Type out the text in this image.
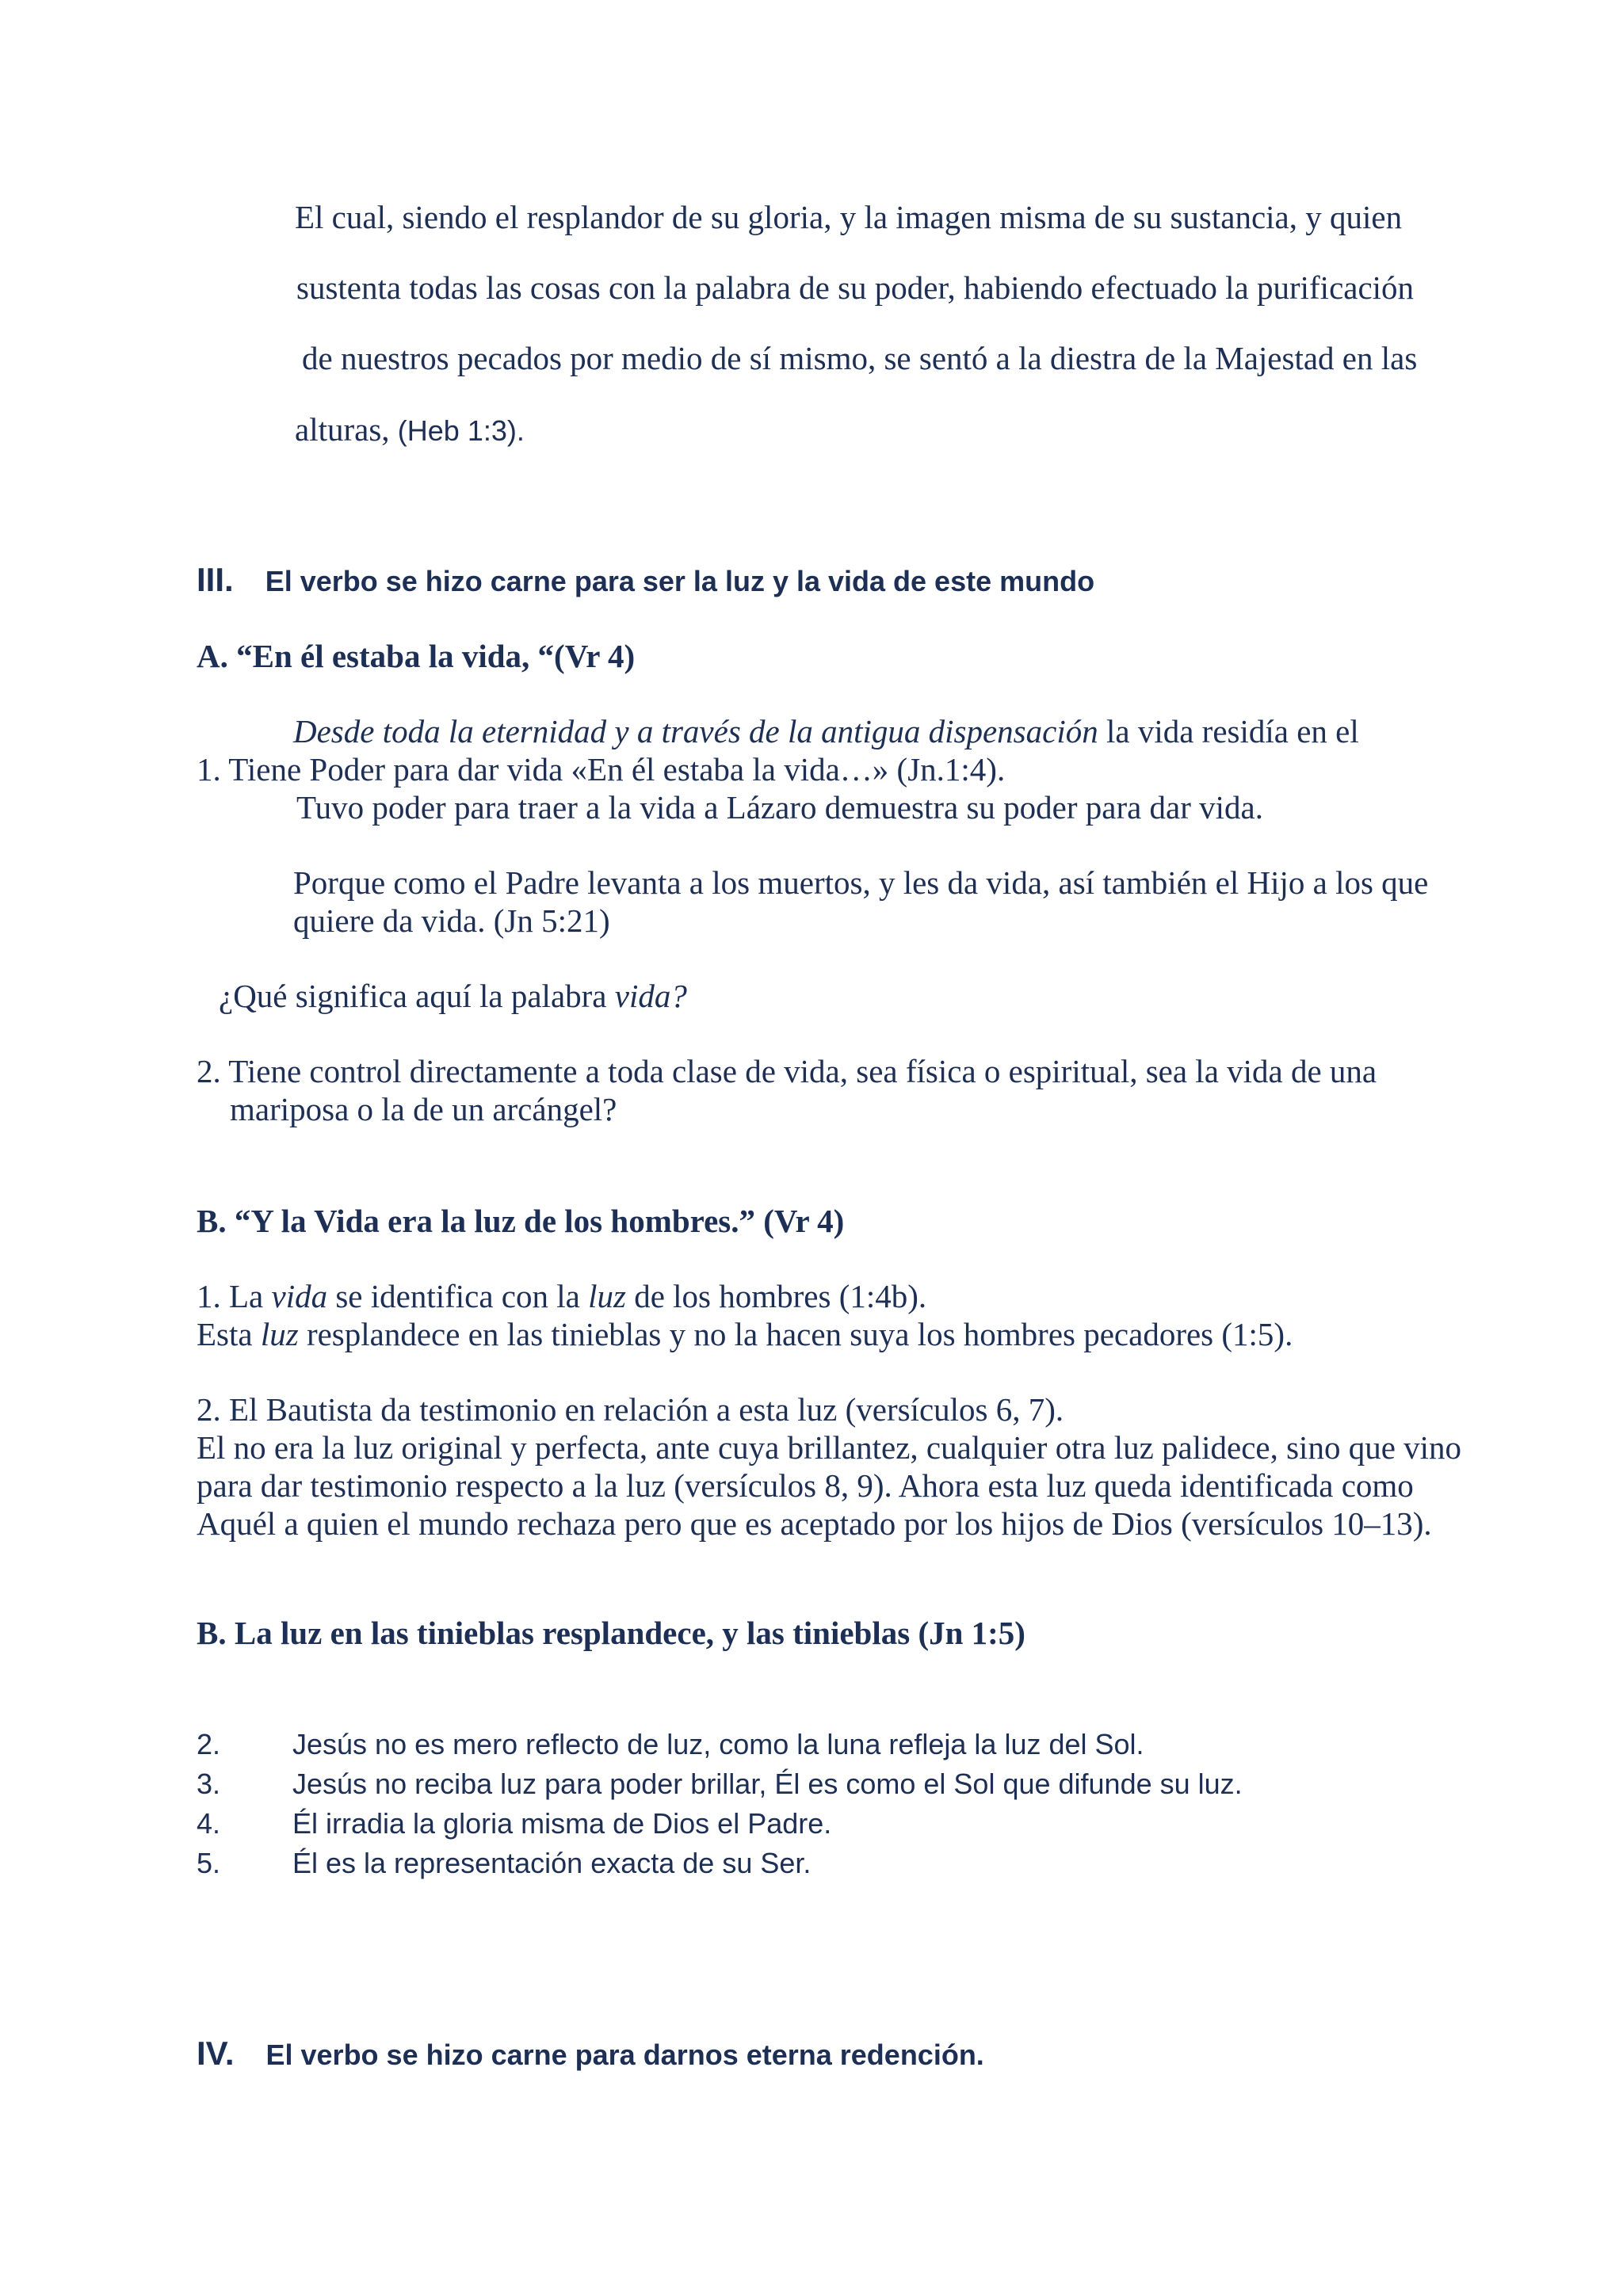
El cual, siendo el resplandor de su gloria, y la imagen misma de su sustancia, y quien

sustenta todas las cosas con la palabra de su poder, habiendo efectuado la purificación

de nuestros pecados por medio de sí mismo, se sentó a la diestra de la Majestad en las

alturas, (Heb 1:3).

III. El verbo se hizo carne para ser la luz y la vida de este mundo

A. “En él estaba la vida, “(Vr 4)

Desde toda la eternidad y a través de la antigua dispensación la vida residía en el

1. Tiene Poder para dar vida «En él estaba la vida…» (Jn.1:4).

Tuvo poder para traer a la vida a Lázaro demuestra su poder para dar vida.

Porque como el Padre levanta a los muertos, y les da vida, así también el Hijo a los que

quiere da vida. (Jn 5:21)

¿Qué significa aquí la palabra vida?

2. Tiene control directamente a toda clase de vida, sea física o espiritual, sea la vida de una

mariposa o la de un arcángel?

B. “Y la Vida era la luz de los hombres.” (Vr 4)

1. La vida se identifica con la luz de los hombres (1:4b).

Esta luz resplandece en las tinieblas y no la hacen suya los hombres pecadores (1:5).

2. El Bautista da testimonio en relación a esta luz (versículos 6, 7).

El no era la luz original y perfecta, ante cuya brillantez, cualquier otra luz palidece, sino que vino

para dar testimonio respecto a la luz (versículos 8, 9). Ahora esta luz queda identificada como

Aquél a quien el mundo rechaza pero que es aceptado por los hijos de Dios (versículos 10–13).

B. La luz en las tinieblas resplandece, y las tinieblas (Jn 1:5)

2.	Jesús no es mero reflecto de luz, como la luna refleja la luz del Sol.
3.	Jesús no reciba luz para poder brillar, Él es como el Sol que difunde su luz.
4.	Él irradia la gloria misma de Dios el Padre.
5.	Él es la representación exacta de su Ser.
IV. El verbo se hizo carne para darnos eterna redención.
